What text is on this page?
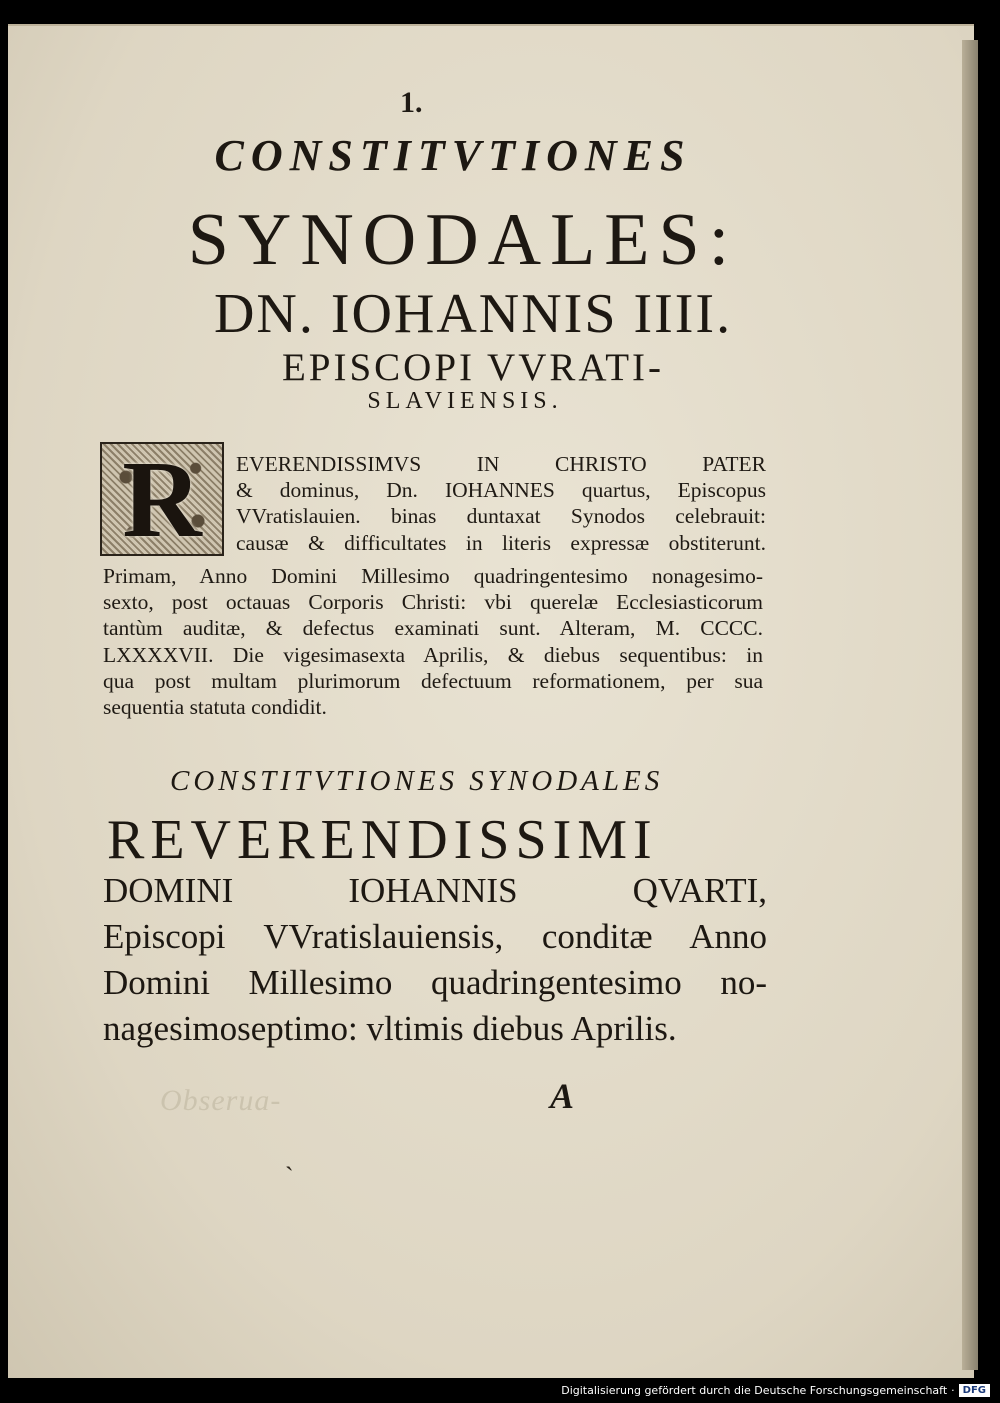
1.
CONSTITVTIONES
SYNODALES:
DN. IOHANNIS IIII.
EPISCOPI VVRATI-
SLAVIENSIS.
R	EVERENDISSIMVS IN CHRISTO PATER
& dominus, Dn. IOHANNES quartus, Episcopus
VVratislauien. binas duntaxat Synodos celebrauit:
causæ & difficultates in literis expressæ obstiterunt.
Primam, Anno Domini Millesimo quadringentesimo nonagesimo-
sexto, post octauas Corporis Christi: vbi querelæ Ecclesiasticorum
tantùm auditæ, & defectus examinati sunt. Alteram, M. CCCC.
LXXXXVII. Die vigesimasexta Aprilis, & diebus sequentibus: in
qua post multam plurimorum defectuum reformationem, per sua
sequentia statuta condidit.
CONSTITVTIONES SYNODALES
REVERENDISSIMI
DOMINI IOHANNIS QVARTI,
Episcopi VVratislauiensis, conditæ Anno
Domini Millesimo quadringentesimo no-
nagesimoseptimo: vltimis diebus Aprilis.
Obserua-	A
ˏ
Digitalisierung gefördert durch die Deutsche Forschungsgemeinschaft · DFG
